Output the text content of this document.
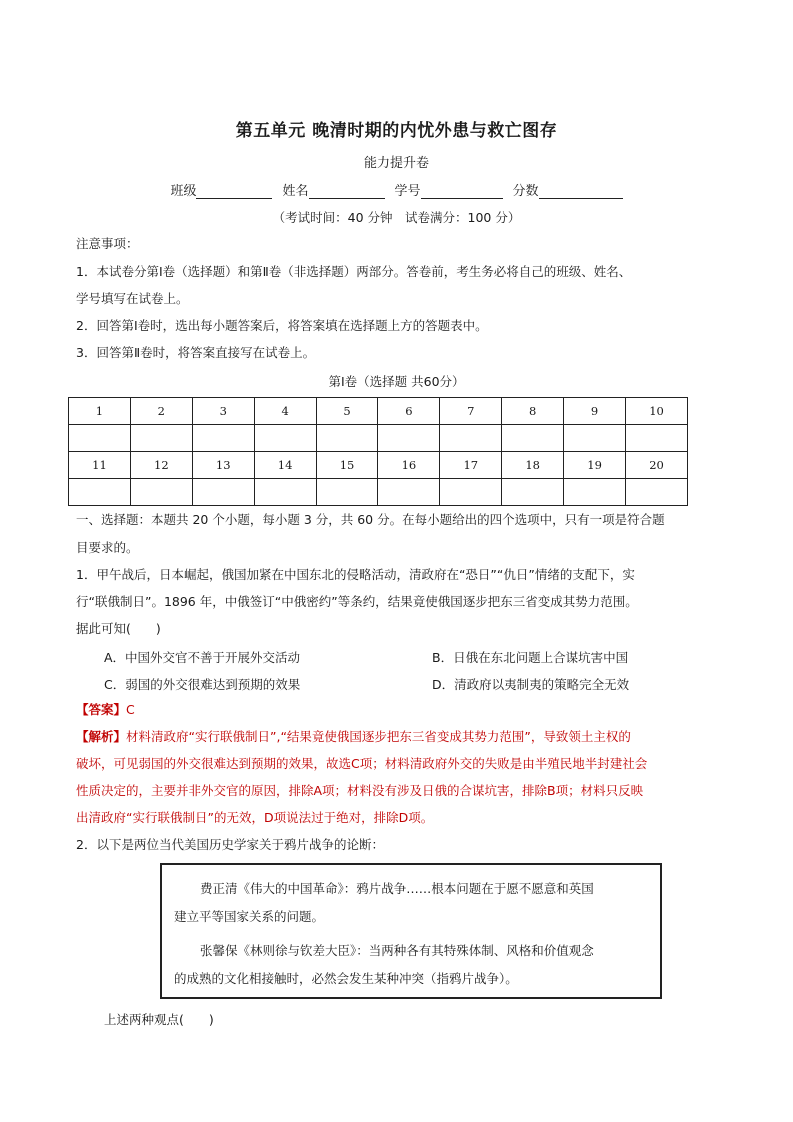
第五单元 晚清时期的内忧外患与救亡图存
能力提升卷
班级	姓名	学号	分数
（考试时间：40 分钟　试卷满分：100 分）
注意事项：
1．本试卷分第Ⅰ卷（选择题）和第Ⅱ卷（非选择题）两部分。答卷前，考生务必将自己的班级、姓名、
学号填写在试卷上。
2．回答第Ⅰ卷时，选出每小题答案后，将答案填在选择题上方的答题表中。
3．回答第Ⅱ卷时，将答案直接写在试卷上。
第Ⅰ卷（选择题 共60分）
1	2	3	4	5	6	7	8	9	10

11	12	13	14	15	16	17	18	19	20

一、选择题：本题共 20 个小题，每小题 3 分，共 60 分。在每小题给出的四个选项中，只有一项是符合题
目要求的。
1．甲午战后，日本崛起，俄国加紧在中国东北的侵略活动，清政府在“恐日”“仇日”情绪的支配下，实
行“联俄制日”。1896 年，中俄签订“中俄密约”等条约，结果竟使俄国逐步把东三省变成其势力范围。
据此可知(　　)
A．中国外交官不善于开展外交活动	B．日俄在东北问题上合谋坑害中国
C．弱国的外交很难达到预期的效果	D．清政府以夷制夷的策略完全无效
【答案】C
【解析】材料清政府“实行联俄制日”,“结果竟使俄国逐步把东三省变成其势力范围”，导致领土主权的
破坏，可见弱国的外交很难达到预期的效果，故选C项；材料清政府外交的失败是由半殖民地半封建社会
性质决定的，主要并非外交官的原因，排除A项；材料没有涉及日俄的合谋坑害，排除B项；材料只反映
出清政府“实行联俄制日”的无效，D项说法过于绝对，排除D项。
2．以下是两位当代美国历史学家关于鸦片战争的论断：
费正清《伟大的中国革命》：鸦片战争……根本问题在于愿不愿意和英国
建立平等国家关系的问题。
张馨保《林则徐与钦差大臣》：当两种各有其特殊体制、风格和价值观念
的成熟的文化相接触时，必然会发生某种冲突（指鸦片战争）。
上述两种观点(　　)
